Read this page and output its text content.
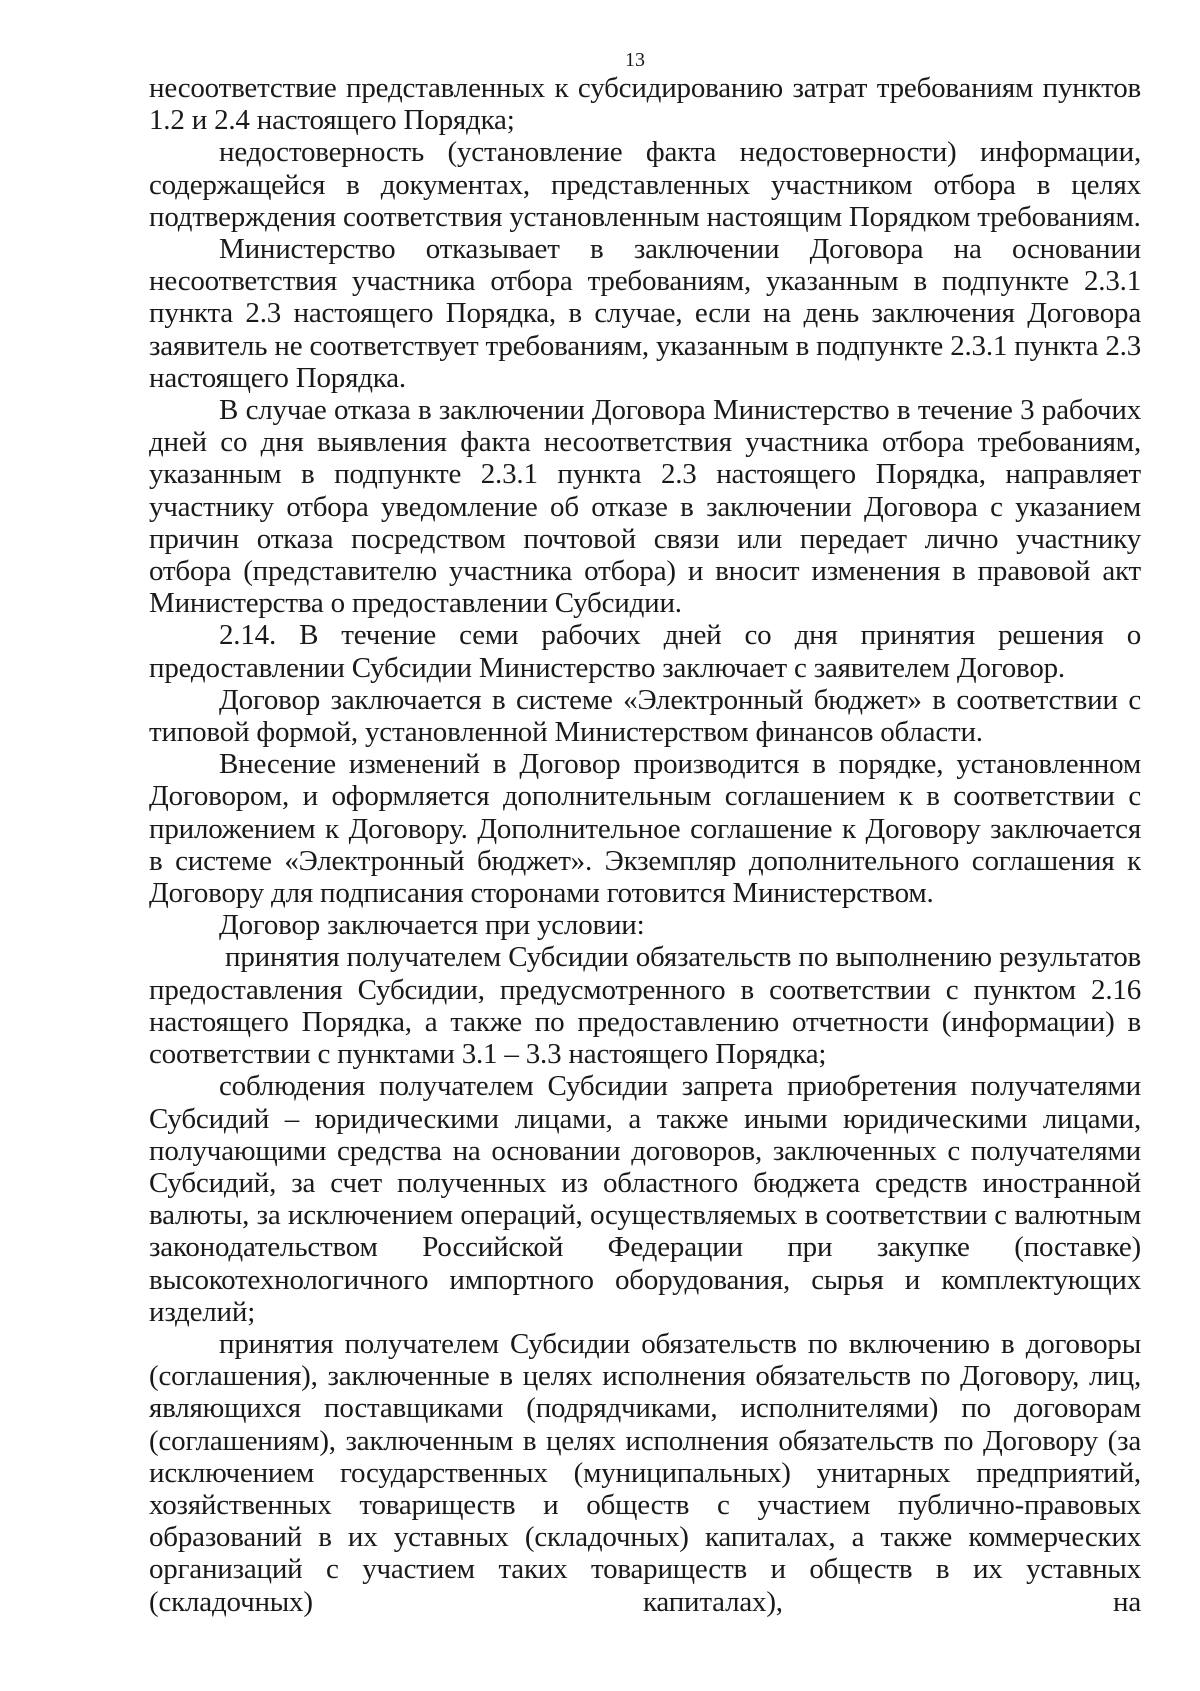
13

несоответствие представленных к субсидированию затрат требованиям пунктов 1.2 и 2.4 настоящего Порядка;

недостоверность (установление факта недостоверности) информации, содержащейся в документах, представленных участником отбора в целях подтверждения соответствия установленным настоящим Порядком требованиям.

Министерство отказывает в заключении Договора на основании несоответствия участника отбора требованиям, указанным в подпункте 2.3.1 пункта 2.3 настоящего Порядка, в случае, если на день заключения Договора заявитель не соответствует требованиям, указанным в подпункте 2.3.1 пункта 2.3 настоящего Порядка.

В случае отказа в заключении Договора Министерство в течение 3 рабочих дней со дня выявления факта несоответствия участника отбора требованиям, указанным в подпункте 2.3.1 пункта 2.3 настоящего Порядка, направляет участнику отбора уведомление об отказе в заключении Договора с указанием причин отказа посредством почтовой связи или передает лично участнику отбора (представителю участника отбора) и вносит изменения в правовой акт Министерства о предоставлении Субсидии.

2.14. В течение семи рабочих дней со дня принятия решения о предоставлении Субсидии Министерство заключает с заявителем Договор.

Договор заключается в системе «Электронный бюджет» в соответствии с типовой формой, установленной Министерством финансов области.

Внесение изменений в Договор производится в порядке, установленном Договором, и оформляется дополнительным соглашением к в соответствии с приложением к Договору. Дополнительное соглашение к Договору заключается в системе «Электронный бюджет». Экземпляр дополнительного соглашения к Договору для подписания сторонами готовится Министерством.

Договор заключается при условии:

принятия получателем Субсидии обязательств по выполнению результатов предоставления Субсидии, предусмотренного в соответствии с пунктом 2.16 настоящего Порядка, а также по предоставлению отчетности (информации) в соответствии с пунктами 3.1 – 3.3 настоящего Порядка;

соблюдения получателем Субсидии запрета приобретения получателями Субсидий – юридическими лицами, а также иными юридическими лицами, получающими средства на основании договоров, заключенных с получателями Субсидий, за счет полученных из областного бюджета средств иностранной валюты, за исключением операций, осуществляемых в соответствии с валютным законодательством Российской Федерации при закупке (поставке) высокотехнологичного импортного оборудования, сырья и комплектующих изделий;

принятия получателем Субсидии обязательств по включению в договоры (соглашения), заключенные в целях исполнения обязательств по Договору, лиц, являющихся поставщиками (подрядчиками, исполнителями) по договорам (соглашениям), заключенным в целях исполнения обязательств по Договору (за исключением государственных (муниципальных) унитарных предприятий, хозяйственных товариществ и обществ с участием публично-правовых образований в их уставных (складочных) капиталах, а также коммерческих организаций с участием таких товариществ и обществ в их уставных (складочных) капиталах), на
